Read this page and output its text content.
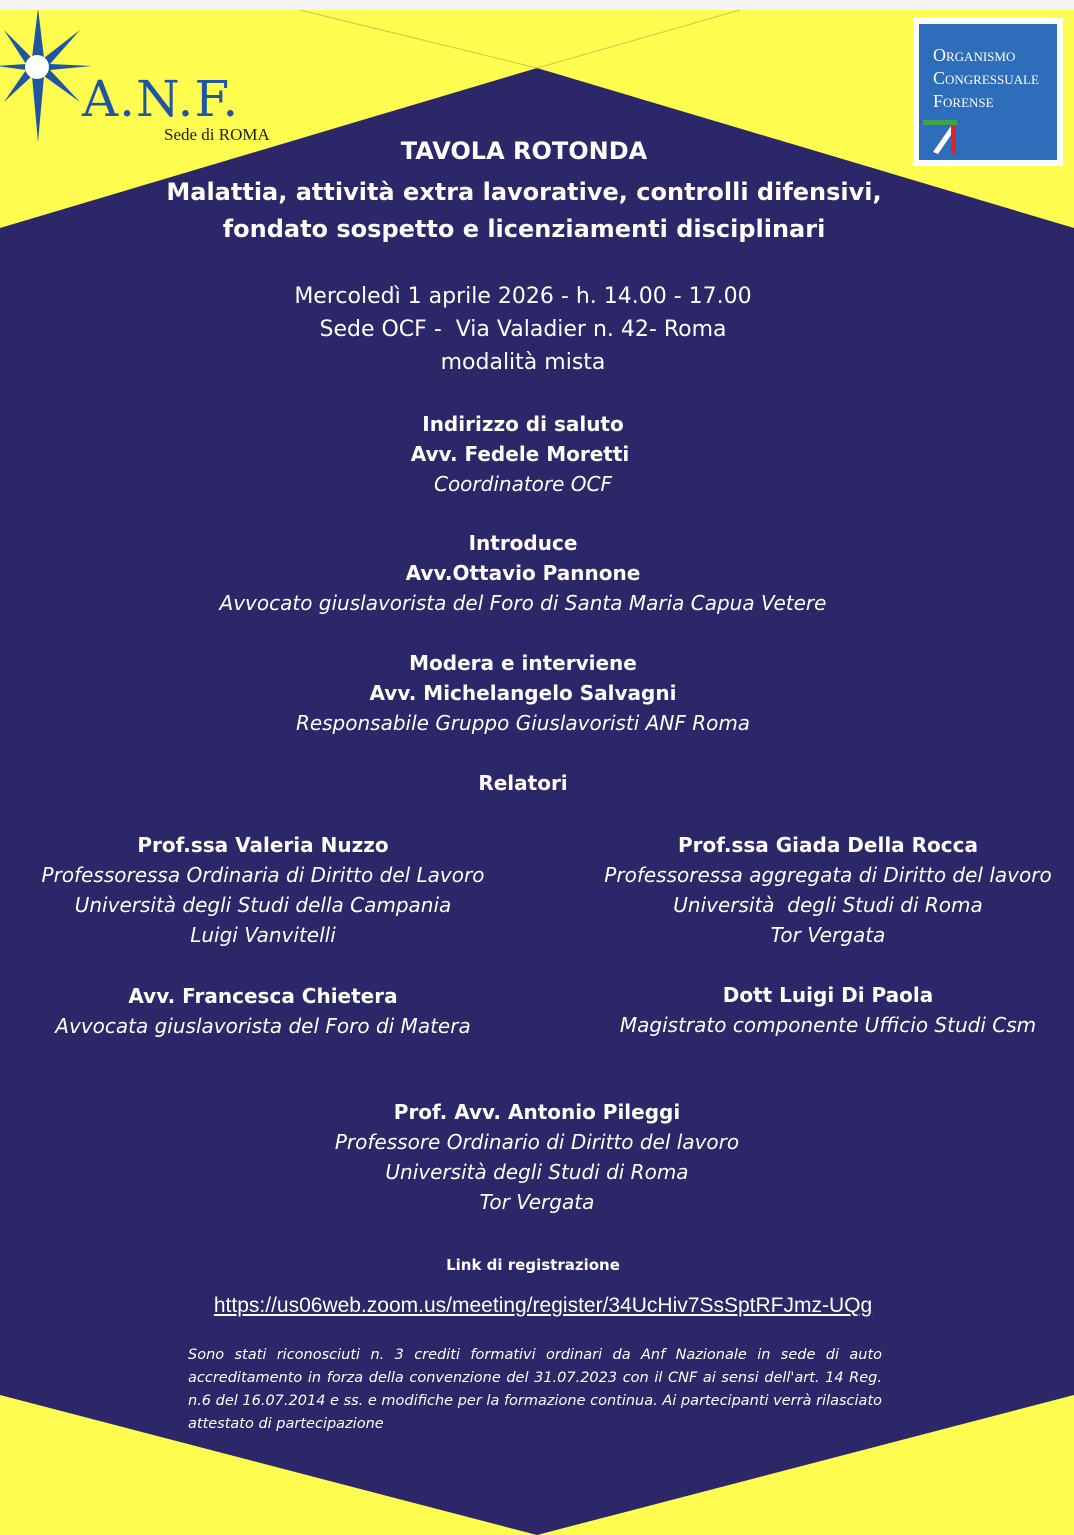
A.N.F.
Sede di ROMA
Organismo
Congressuale
Forense
TAVOLA ROTONDA
Malattia, attività extra lavorative, controlli difensivi,
fondato sospetto e licenziamenti disciplinari
Mercoledì 1 aprile 2026 - h. 14.00 - 17.00
Sede OCF -  Via Valadier n. 42- Roma
modalità mista
Indirizzo di saluto
Avv. Fedele Moretti
Coordinatore OCF
Introduce
Avv.Ottavio Pannone
Avvocato giuslavorista del Foro di Santa Maria Capua Vetere
Modera e interviene
Avv. Michelangelo Salvagni
Responsabile Gruppo Giuslavoristi ANF Roma
Relatori
Prof.ssa Valeria Nuzzo
Professoressa Ordinaria di Diritto del Lavoro
Università degli Studi della Campania
Luigi Vanvitelli
Prof.ssa Giada Della Rocca
Professoressa aggregata di Diritto del lavoro
Università  degli Studi di Roma
Tor Vergata
Avv. Francesca Chietera
Avvocata giuslavorista del Foro di Matera
Dott Luigi Di Paola
Magistrato componente Ufficio Studi Csm
Prof. Avv. Antonio Pileggi
Professore Ordinario di Diritto del lavoro
Università degli Studi di Roma
Tor Vergata
Link di registrazione
https://us06web.zoom.us/meeting/register/34UcHiv7SsSptRFJmz-UQg
Sono stati riconosciuti n. 3 crediti formativi ordinari da Anf Nazionale in sede di auto accreditamento in forza della convenzione del 31.07.2023 con il CNF ai sensi dell'art. 14 Reg. n.6 del 16.07.2014 e ss. e modifiche per la formazione continua. Ai partecipanti verrà rilasciato attestato di partecipazione
